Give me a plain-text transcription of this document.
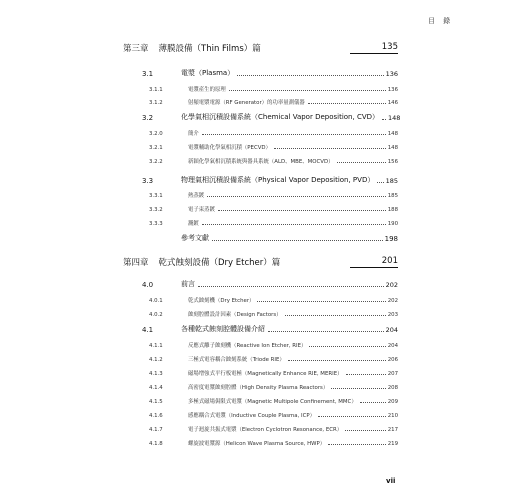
目 錄
第三章 薄膜設備（Thin Films）篇	135
3.1	電漿（Plasma）	136
3.1.1	電漿產生的原理	136
3.1.2	射頻電漿電源（RF Generator）的功率量測儀器	146
3.2	化學氣相沉積設備系統（Chemical Vapor Deposition, CVD） 148
3.2.0	簡介	148
3.2.1	電漿輔助化學氣相沉積（PECVD）	148
3.2.2	新穎化學氣相沉積系統與器具系統（ALD、MBE、MOCVD）	156
3.3	物理氣相沉積設備系統（Physical Vapor Deposition, PVD） 185
3.3.1	熱蒸鍍	185
3.3.2	電子束蒸鍍	188
3.3.3	濺鍍	190
參考文獻	198
第四章 乾式蝕刻設備（Dry Etcher）篇	201
4.0	前言	202
4.0.1	乾式蝕刻機（Dry Etcher）	202
4.0.2	蝕刻腔體設計因素（Design Factors）	203
4.1	各種乾式蝕刻腔體設備介紹	204
4.1.1	反應式離子蝕刻機（Reactive Ion Etcher, RIE）	204
4.1.2	三極式電容耦合蝕刻系統（Triode RIE）	206
4.1.3	磁場增強式平行板電極（Magnetically Enhance RIE, MERIE）	207
4.1.4	高密度電漿蝕刻腔體（High Density Plasma Reactors）	208
4.1.5	多極式磁場侷限式電漿（Magnetic Multipole Confinement, MMC）	209
4.1.6	感應耦合式電漿（Inductive Couple Plasma, ICP）	210
4.1.7	電子迴旋共振式電漿（Electron Cyclotron Resonance, ECR）	217
4.1.8	螺旋波電漿源（Helicon Wave Plasma Source, HWP）	219
vii
